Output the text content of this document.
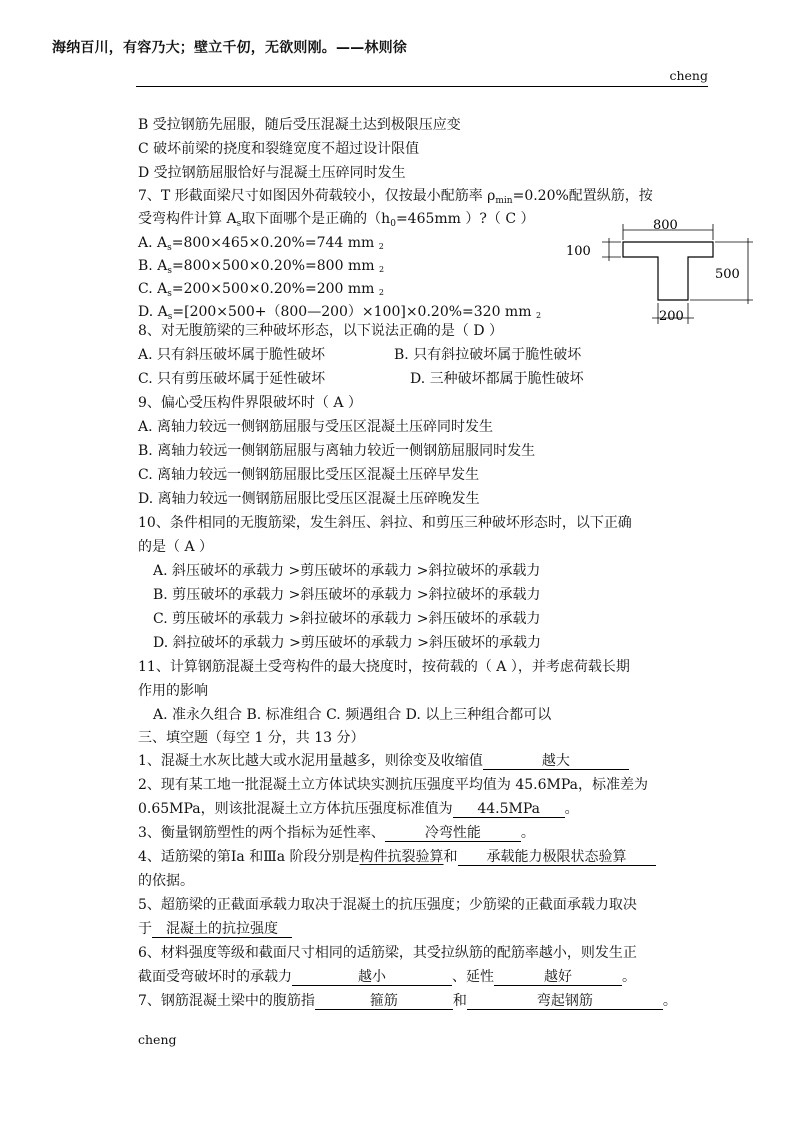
海纳百川，有容乃大；壁立千仞，无欲则刚。——林则徐
cheng
B 受拉钢筋先屈服，随后受压混凝土达到极限压应变
C 破坏前梁的挠度和裂缝宽度不超过设计限值
D 受拉钢筋屈服恰好与混凝土压碎同时发生
7、T 形截面梁尺寸如图因外荷载较小，仅按最小配筋率 $\rho_{min}=0.20\%$配置纵筋，按
受弯构件计算 $A_s$取下面哪个是正确的（$h_0=465mm$ ）?（ C ）
A. $A_s=800\times 465\times 0.20\%=744$ mm $^2$
B. $A_s=800\times 500\times 0.20\%=800$ mm $^2$
C. $A_s=200\times 500\times 0.20\%=200$ mm $^2$
D. $A_s=[200\times 500+(800—200)\times 100]\times 0.20\%=320$ mm $^2$
800
100
500
200
8、对无腹筋梁的三种破坏形态，以下说法正确的是（ D ）
A. 只有斜压破坏属于脆性破坏	B. 只有斜拉破坏属于脆性破坏
C. 只有剪压破坏属于延性破坏	D. 三种破坏都属于脆性破坏
9、偏心受压构件界限破坏时（ A ）
A. 离轴力较远一侧钢筋屈服与受压区混凝土压碎同时发生
B. 离轴力较远一侧钢筋屈服与离轴力较近一侧钢筋屈服同时发生
C. 离轴力较远一侧钢筋屈服比受压区混凝土压碎早发生
D. 离轴力较远一侧钢筋屈服比受压区混凝土压碎晚发生
10、条件相同的无腹筋梁，发生斜压、斜拉、和剪压三种破坏形态时，以下正确
的是（ A ）
A. 斜压破坏的承载力 >剪压破坏的承载力 >斜拉破坏的承载力
B. 剪压破坏的承载力 >斜压破坏的承载力 >斜拉破坏的承载力
C. 剪压破坏的承载力 >斜拉破坏的承载力 >斜压破坏的承载力
D. 斜拉破坏的承载力 >剪压破坏的承载力 >斜压破坏的承载力
11、计算钢筋混凝土受弯构件的最大挠度时，按荷载的（ A ），并考虑荷载长期
作用的影响
A. 准永久组合 B. 标准组合 C. 频遇组合 D. 以上三种组合都可以
三、填空题（每空 1 分，共 13 分）
1、混凝土水灰比越大或水泥用量越多，则徐变及收缩值	越大
2、现有某工地一批混凝土立方体试块实测抗压强度平均值为 45.6MPa，标准差为
0.65MPa，则该批混凝土立方体抗压强度标准值为 44.5MPa 。
3、衡量钢筋塑性的两个指标为延性率、	冷弯性能	。
4、适筋梁的第Ⅰa 和Ⅲa 阶段分别是构件抗裂验算和 承载能力极限状态验算
的依据。
5、超筋梁的正截面承载力取决于混凝土的抗压强度；少筋梁的正截面承载力取决
于 混凝土的抗拉强度
6、材料强度等级和截面尺寸相同的适筋梁，其受拉纵筋的配筋率越小，则发生正
截面受弯破坏时的承载力	越小	、延性	越好	。
7、钢筋混凝土梁中的腹筋指	箍筋	和	弯起钢筋	。
cheng
